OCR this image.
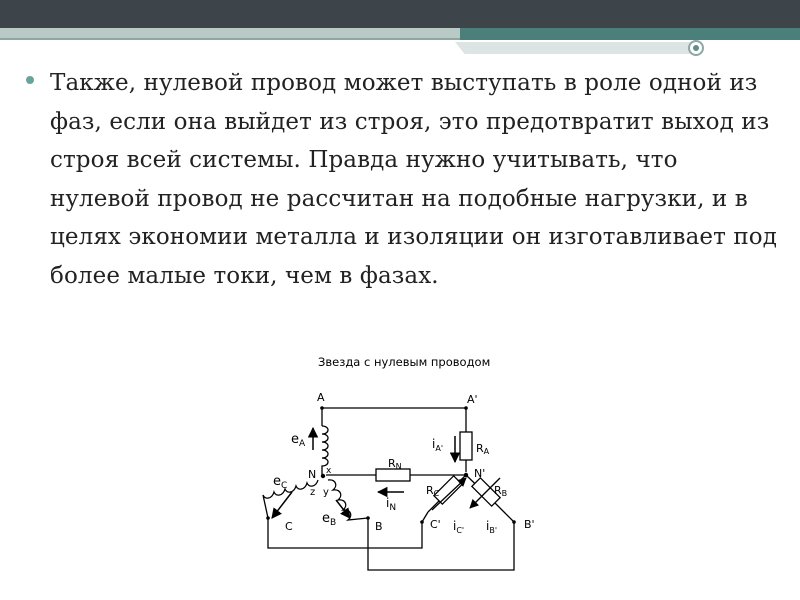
Также, нулевой провод может выступать в роле одной из фаз, если она выйдет из строя, это предотвратит выход из строя всей системы. Правда нужно учитывать, что нулевой провод не рассчитан на подобные нагрузки, и в целях экономии металла и изоляции он изготавливает под более малые токи, чем в фазах.
Звезда с нулевым проводом
A	A'
$e_A$
N x
z y
$e_C$
$e_B$
C	B
RN
$i_N$
$i_{A'}$	RA
N'
RC	RB
C' $i_{C'}$ $i_{B'}$ B'
